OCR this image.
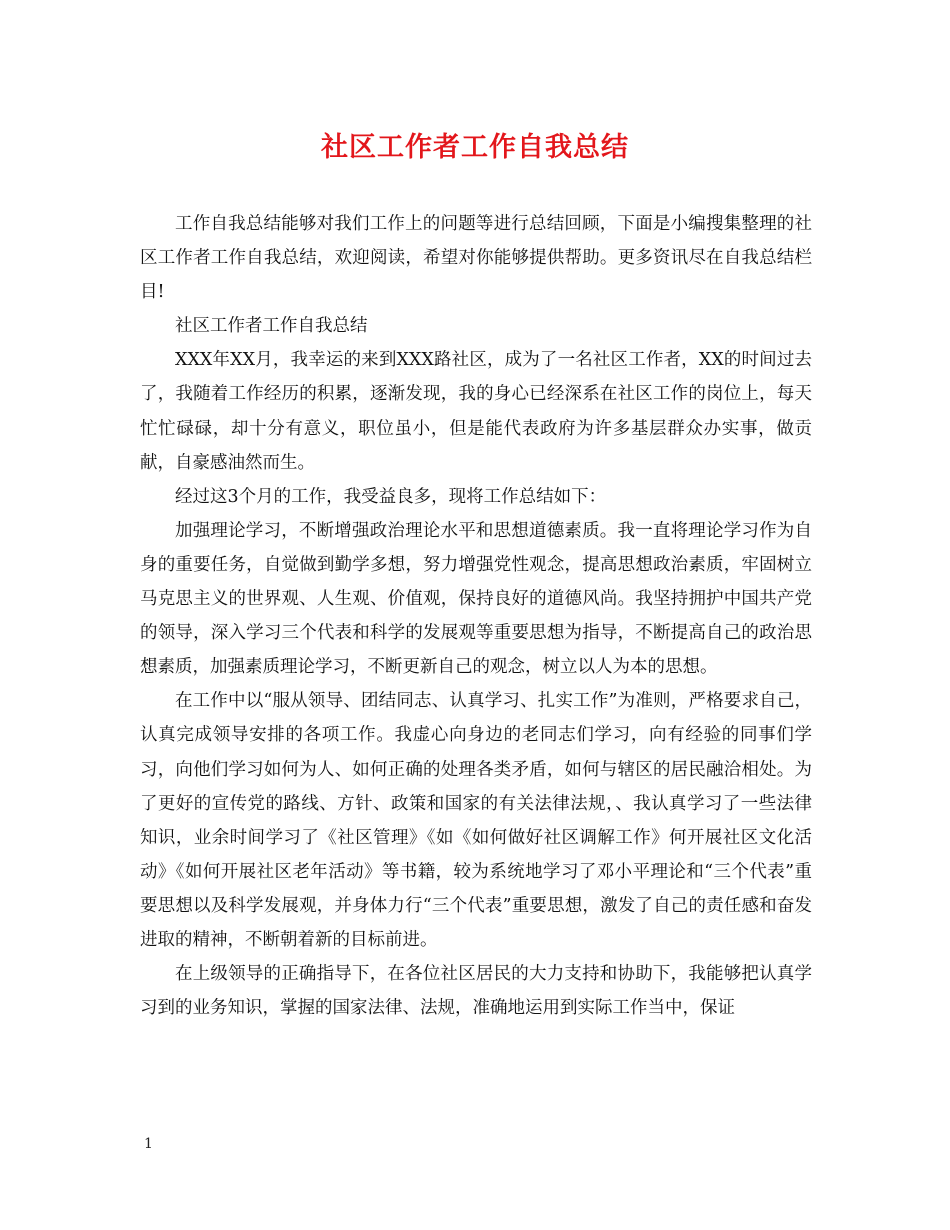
社区工作者工作自我总结

工作自我总结能够对我们工作上的问题等进行总结回顾，下面是小编搜集整理的社区工作者工作自我总结，欢迎阅读，希望对你能够提供帮助。更多资讯尽在自我总结栏目!

社区工作者工作自我总结

XXX年XX月，我幸运的来到XXX路社区，成为了一名社区工作者，XX的时间过去了，我随着工作经历的积累，逐渐发现，我的身心已经深系在社区工作的岗位上，每天忙忙碌碌，却十分有意义，职位虽小，但是能代表政府为许多基层群众办实事，做贡献，自豪感油然而生。

经过这3个月的工作，我受益良多，现将工作总结如下：

加强理论学习，不断增强政治理论水平和思想道德素质。我一直将理论学习作为自身的重要任务，自觉做到勤学多想，努力增强党性观念，提高思想政治素质，牢固树立马克思主义的世界观、人生观、价值观，保持良好的道德风尚。我坚持拥护中国共产党的领导，深入学习三个代表和科学的发展观等重要思想为指导，不断提高自己的政治思想素质，加强素质理论学习，不断更新自己的观念，树立以人为本的思想。

在工作中以“服从领导、团结同志、认真学习、扎实工作”为准则，严格要求自己，认真完成领导安排的各项工作。我虚心向身边的老同志们学习，向有经验的同事们学习，向他们学习如何为人、如何正确的处理各类矛盾，如何与辖区的居民融洽相处。为了更好的宣传党的路线、方针、政策和国家的有关法律法规，、我认真学习了一些法律知识，业余时间学习了《社区管理》《如《如何做好社区调解工作》何开展社区文化活动》《如何开展社区老年活动》等书籍，较为系统地学习了邓小平理论和“三个代表”重要思想以及科学发展观，并身体力行“三个代表”重要思想，激发了自己的责任感和奋发进取的精神，不断朝着新的目标前进。

在上级领导的正确指导下，在各位社区居民的大力支持和协助下，我能够把认真学习到的业务知识，掌握的国家法律、法规，准确地运用到实际工作当中，保证

1
